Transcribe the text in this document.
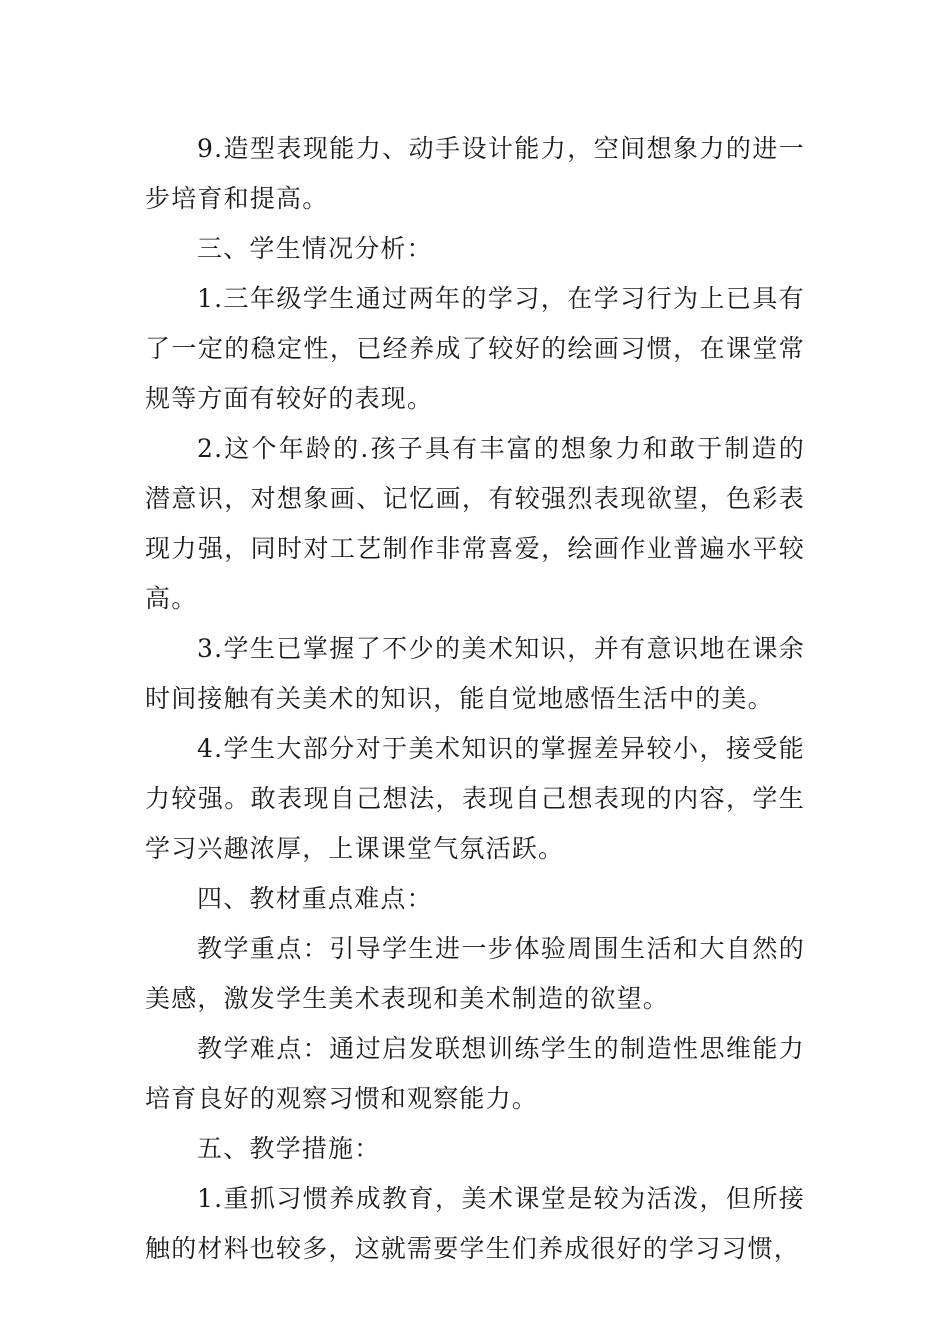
9.造型表现能力、动手设计能力，空间想象力的进一步培育和提高。

三、学生情况分析：

1.三年级学生通过两年的学习，在学习行为上已具有了一定的稳定性，已经养成了较好的绘画习惯，在课堂常规等方面有较好的表现。

2.这个年龄的.孩子具有丰富的想象力和敢于制造的潜意识，对想象画、记忆画，有较强烈表现欲望，色彩表现力强，同时对工艺制作非常喜爱，绘画作业普遍水平较高。

3.学生已掌握了不少的美术知识，并有意识地在课余时间接触有关美术的知识，能自觉地感悟生活中的美。

4.学生大部分对于美术知识的掌握差异较小，接受能力较强。敢表现自己想法，表现自己想表现的内容，学生学习兴趣浓厚，上课课堂气氛活跃。

四、教材重点难点：

教学重点：引导学生进一步体验周围生活和大自然的美感，激发学生美术表现和美术制造的欲望。

教学难点：通过启发联想训练学生的制造性思维能力培育良好的观察习惯和观察能力。

五、教学措施：

1.重抓习惯养成教育，美术课堂是较为活泼，但所接触的材料也较多，这就需要学生们养成很好的学习习惯，
